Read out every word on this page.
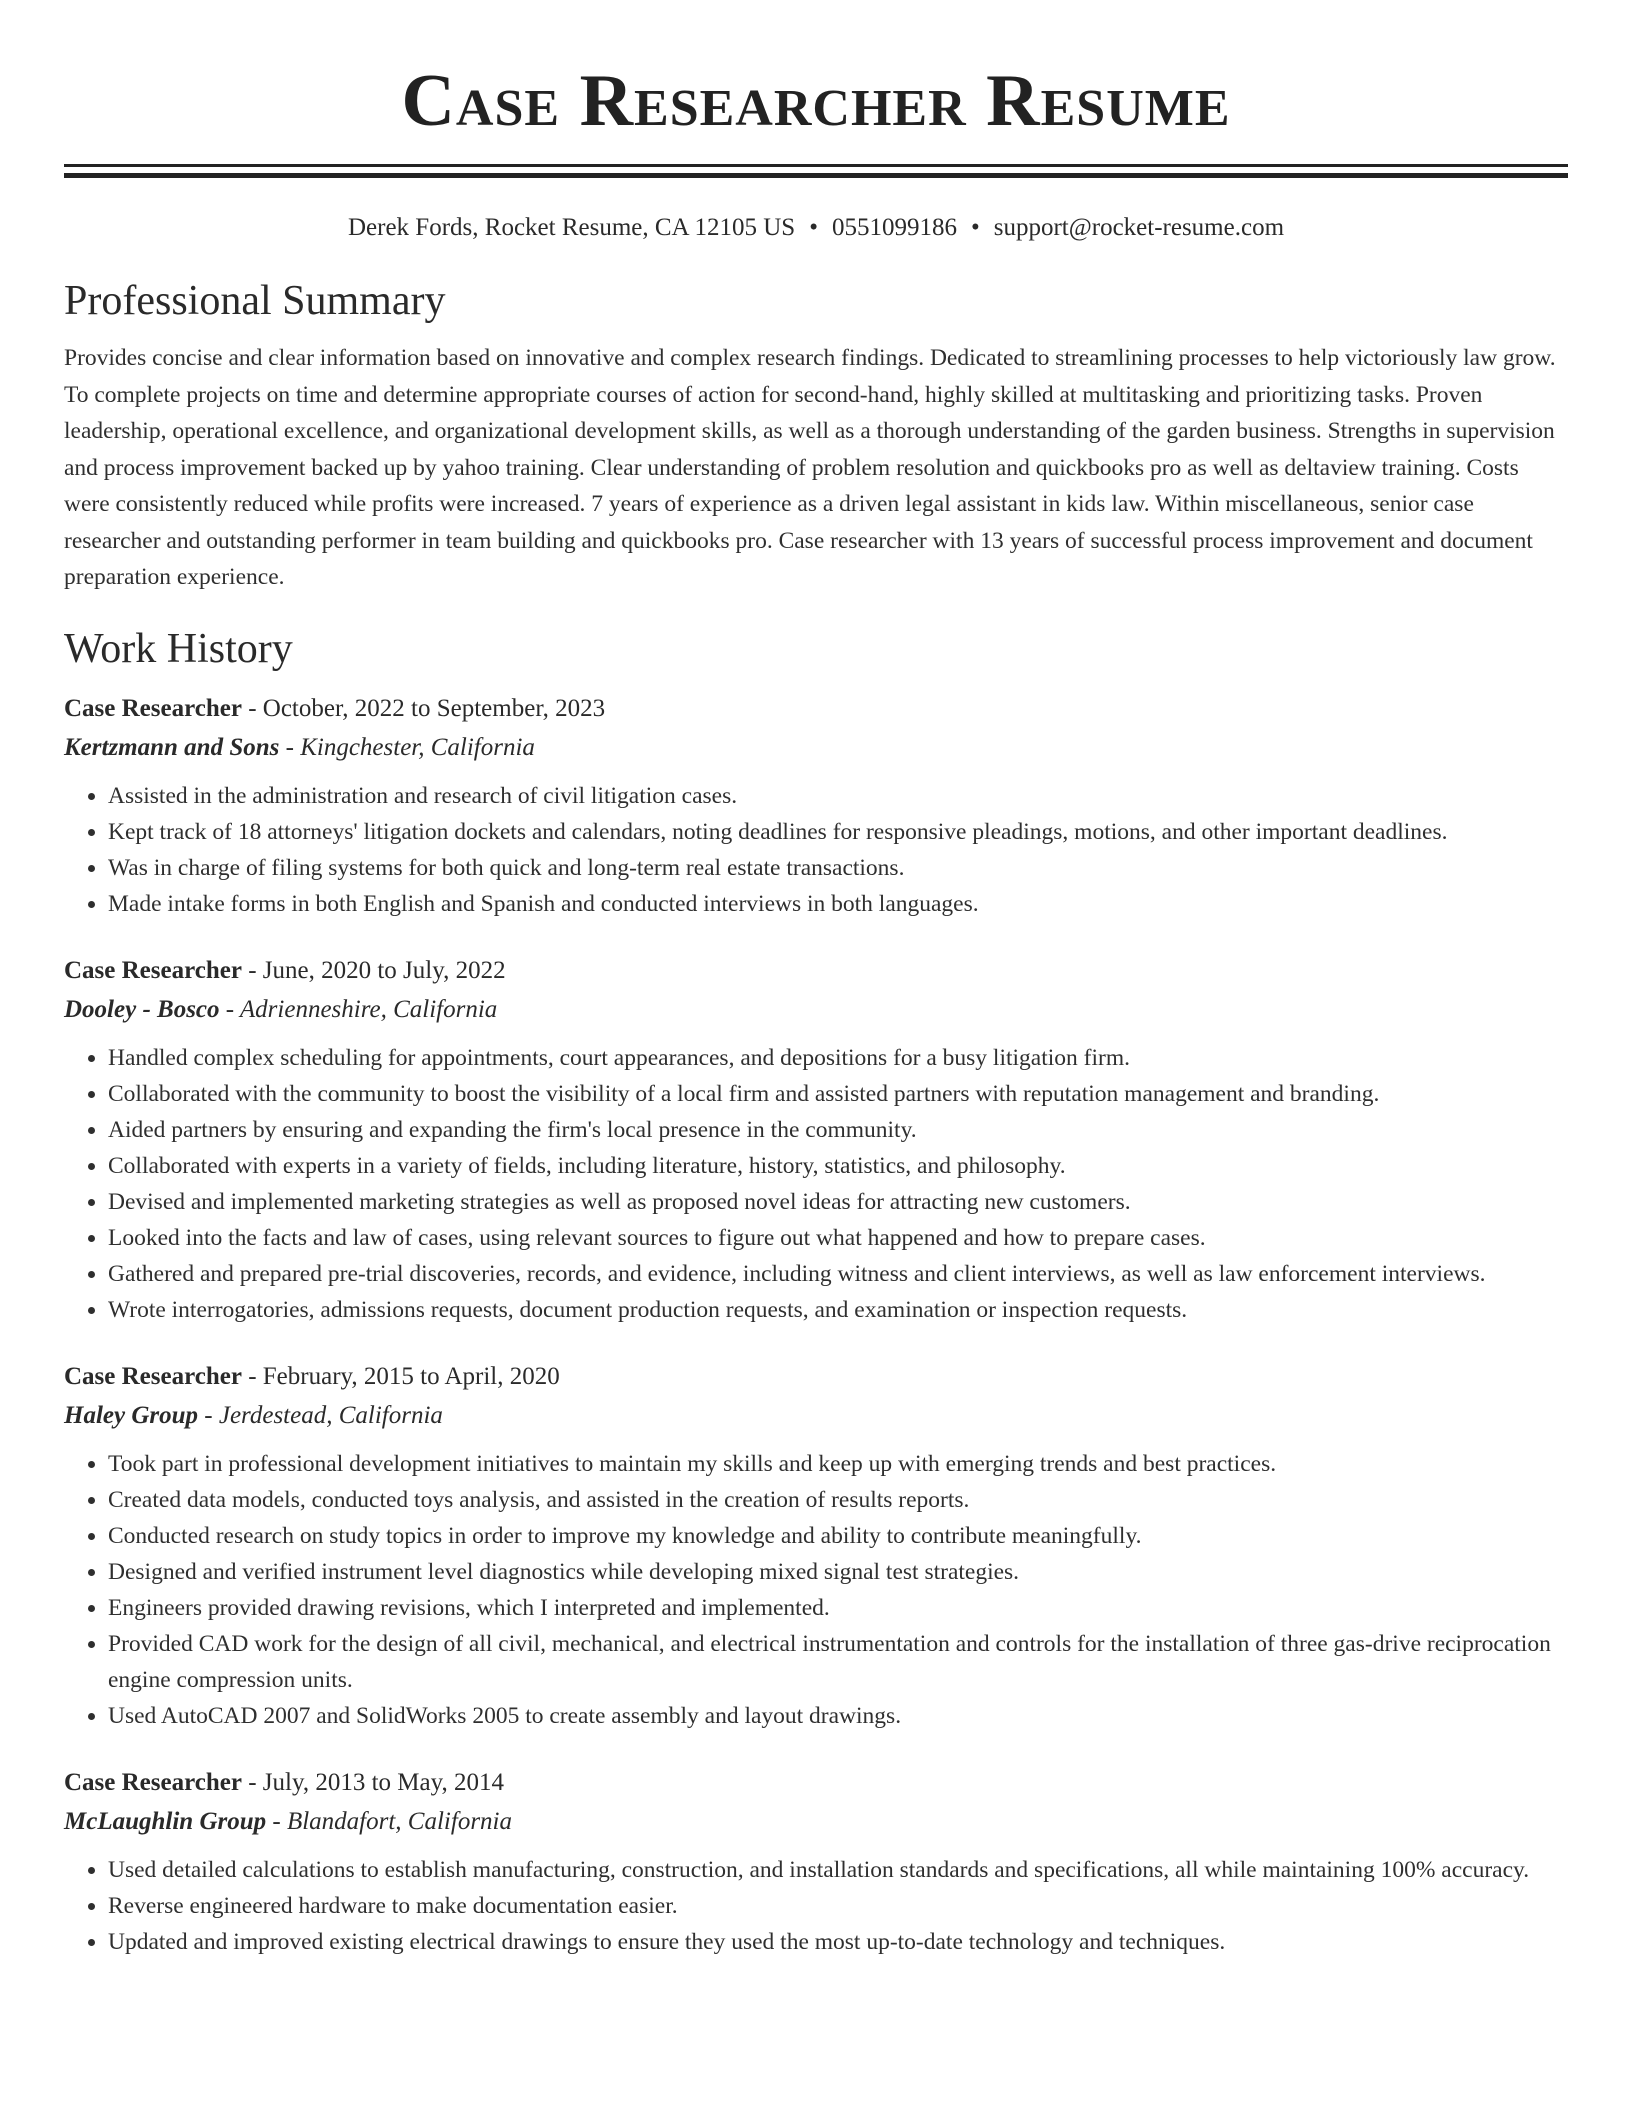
Case Researcher Resume
Derek Fords, Rocket Resume, CA 12105 US • 0551099186 • support@rocket-resume.com
Professional Summary

Provides concise and clear information based on innovative and complex research findings. Dedicated to streamlining processes to help victoriously law grow. To complete projects on time and determine appropriate courses of action for second-hand, highly skilled at multitasking and prioritizing tasks. Proven leadership, operational excellence, and organizational development skills, as well as a thorough understanding of the garden business. Strengths in supervision and process improvement backed up by yahoo training. Clear understanding of problem resolution and quickbooks pro as well as deltaview training. Costs were consistently reduced while profits were increased. 7 years of experience as a driven legal assistant in kids law. Within miscellaneous, senior case researcher and outstanding performer in team building and quickbooks pro. Case researcher with 13 years of successful process improvement and document preparation experience.

Work History
Case Researcher - October, 2022 to September, 2023
Kertzmann and Sons - Kingchester, California
• Assisted in the administration and research of civil litigation cases.
• Kept track of 18 attorneys' litigation dockets and calendars, noting deadlines for responsive pleadings, motions, and other important deadlines.
• Was in charge of filing systems for both quick and long-term real estate transactions.
• Made intake forms in both English and Spanish and conducted interviews in both languages.
Case Researcher - June, 2020 to July, 2022
Dooley - Bosco - Adrienneshire, California
• Handled complex scheduling for appointments, court appearances, and depositions for a busy litigation firm.
• Collaborated with the community to boost the visibility of a local firm and assisted partners with reputation management and branding.
• Aided partners by ensuring and expanding the firm's local presence in the community.
• Collaborated with experts in a variety of fields, including literature, history, statistics, and philosophy.
• Devised and implemented marketing strategies as well as proposed novel ideas for attracting new customers.
• Looked into the facts and law of cases, using relevant sources to figure out what happened and how to prepare cases.
• Gathered and prepared pre-trial discoveries, records, and evidence, including witness and client interviews, as well as law enforcement interviews.
• Wrote interrogatories, admissions requests, document production requests, and examination or inspection requests.
Case Researcher - February, 2015 to April, 2020
Haley Group - Jerdestead, California
• Took part in professional development initiatives to maintain my skills and keep up with emerging trends and best practices.
• Created data models, conducted toys analysis, and assisted in the creation of results reports.
• Conducted research on study topics in order to improve my knowledge and ability to contribute meaningfully.
• Designed and verified instrument level diagnostics while developing mixed signal test strategies.
• Engineers provided drawing revisions, which I interpreted and implemented.
• Provided CAD work for the design of all civil, mechanical, and electrical instrumentation and controls for the installation of three gas-drive reciprocation engine compression units.
• Used AutoCAD 2007 and SolidWorks 2005 to create assembly and layout drawings.
Case Researcher - July, 2013 to May, 2014
McLaughlin Group - Blandafort, California
• Used detailed calculations to establish manufacturing, construction, and installation standards and specifications, all while maintaining 100% accuracy.
• Reverse engineered hardware to make documentation easier.
• Updated and improved existing electrical drawings to ensure they used the most up-to-date technology and techniques.
